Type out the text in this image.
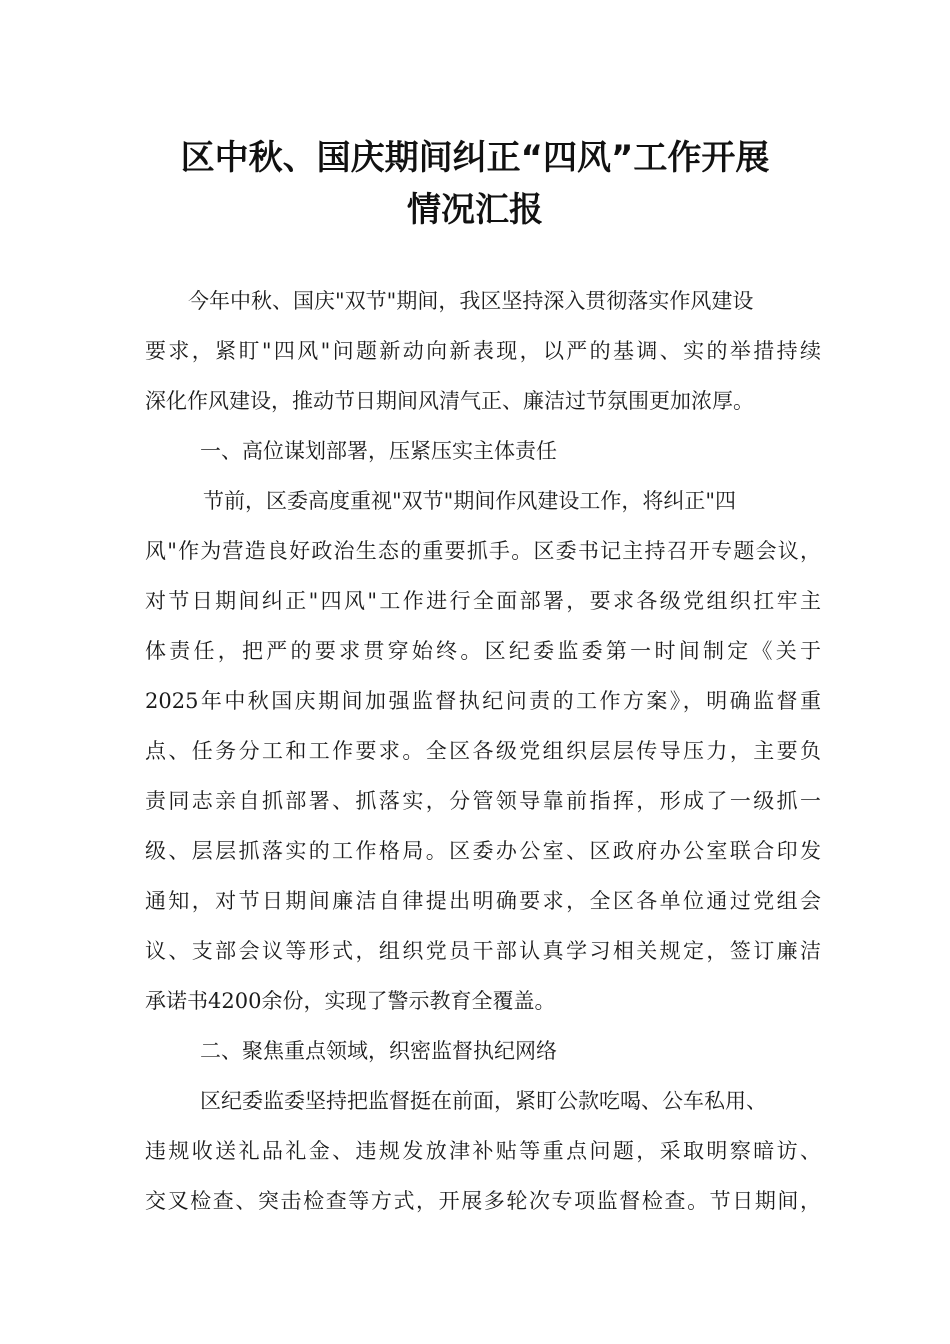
区中秋、国庆期间纠正“四风”工作开展
情况汇报

今年中秋、国庆"双节"期间，我区坚持深入贯彻落实作风建设

要求，紧盯"四风"问题新动向新表现，以严的基调、实的举措持续

深化作风建设，推动节日期间风清气正、廉洁过节氛围更加浓厚。

一、高位谋划部署，压紧压实主体责任

节前，区委高度重视"双节"期间作风建设工作，将纠正"四

风"作为营造良好政治生态的重要抓手。区委书记主持召开专题会议，

对节日期间纠正"四风"工作进行全面部署，要求各级党组织扛牢主

体责任，把严的要求贯穿始终。区纪委监委第一时间制定《关于

2025年中秋国庆期间加强监督执纪问责的工作方案》，明确监督重

点、任务分工和工作要求。全区各级党组织层层传导压力，主要负

责同志亲自抓部署、抓落实，分管领导靠前指挥，形成了一级抓一

级、层层抓落实的工作格局。区委办公室、区政府办公室联合印发

通知，对节日期间廉洁自律提出明确要求，全区各单位通过党组会

议、支部会议等形式，组织党员干部认真学习相关规定，签订廉洁

承诺书4200余份，实现了警示教育全覆盖。

二、聚焦重点领域，织密监督执纪网络

区纪委监委坚持把监督挺在前面，紧盯公款吃喝、公车私用、

违规收送礼品礼金、违规发放津补贴等重点问题，采取明察暗访、

交叉检查、突击检查等方式，开展多轮次专项监督检查。节日期间，
